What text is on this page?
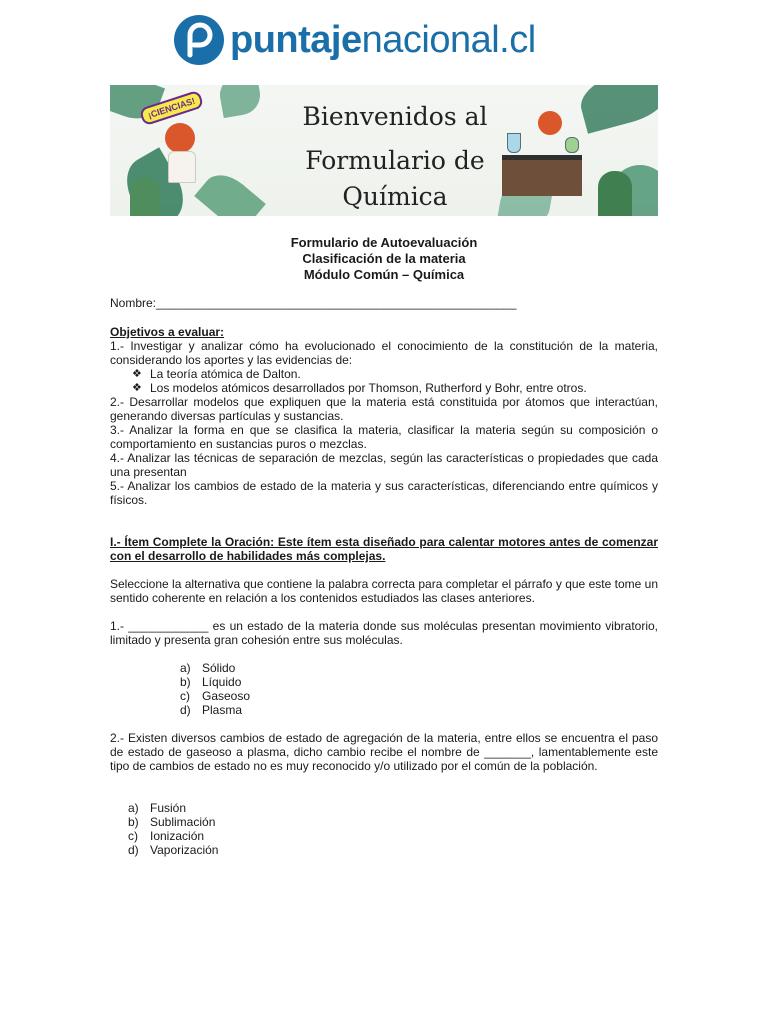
puntajenacional.cl
¡CIENCIAS!	Bienvenidos al
Formulario de Química
Formulario de Autoevaluación
Clasificación de la materia
Módulo Común – Química
Nombre:______________________________________________________
Objetivos a evaluar:
1.- Investigar y analizar cómo ha evolucionado el conocimiento de la constitución de la materia, considerando los aportes y las evidencias de:
❖ La teoría atómica de Dalton.
❖ Los modelos atómicos desarrollados por Thomson, Rutherford y Bohr, entre otros.
2.- Desarrollar modelos que expliquen que la materia está constituida por átomos que interactúan, generando diversas partículas y sustancias.
3.- Analizar la forma en que se clasifica la materia, clasificar la materia según su composición o comportamiento en sustancias puros o mezclas.
4.- Analizar las técnicas de separación de mezclas, según las características o propiedades que cada una presentan
5.- Analizar los cambios de estado de la materia y sus características, diferenciando entre químicos y físicos.
I.- Ítem Complete la Oración: Este ítem esta diseñado para calentar motores antes de comenzar con el desarrollo de habilidades más complejas.
Seleccione la alternativa que contiene la palabra correcta para completar el párrafo y que este tome un sentido coherente en relación a los contenidos estudiados las clases anteriores.
1.- ____________ es un estado de la materia donde sus moléculas presentan movimiento vibratorio, limitado y presenta gran cohesión entre sus moléculas.
a) Sólido
b) Líquido
c)	Gaseoso
d) Plasma
2.- Existen diversos cambios de estado de agregación de la materia, entre ellos se encuentra el paso de estado de gaseoso a plasma, dicho cambio recibe el nombre de _______, lamentablemente este tipo de cambios de estado no es muy reconocido y/o utilizado por el común de la población.
a) Fusión
b) Sublimación
c)	Ionización
d) Vaporización
